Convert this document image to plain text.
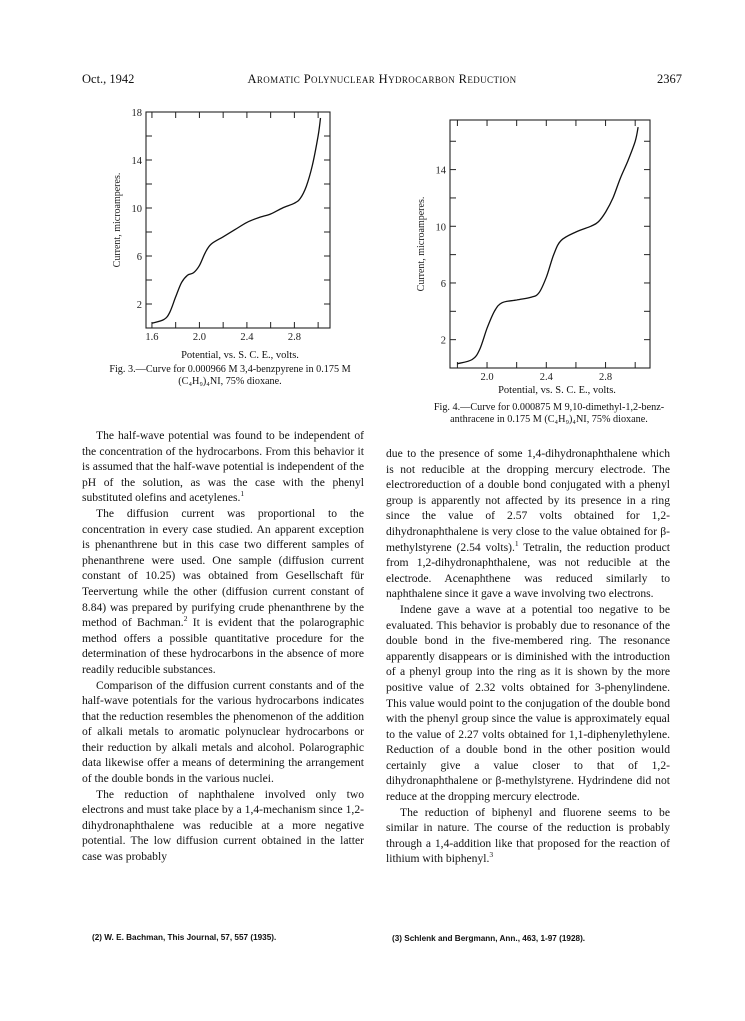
Oct., 1942	Aromatic Polynuclear Hydrocarbon Reduction	2367
1.6	2.0	2.4	2.8
2
6
10
14
18
Current, microamperes.
Potential, vs. S. C. E., volts.
Fig. 3.—Curve for 0.000966 M 3,4-benzpyrene in 0.175 M
(C₄H₉)₄NI, 75% dioxane.	2.0	2.4	2.8
2
6
10
14
Current, microamperes.
Potential, vs. S. C. E., volts.
Fig. 4.—Curve for 0.000875 M 9,10-dimethyl-1,2-benz-
anthracene in 0.175 M (C₄H₉)₄NI, 75% dioxane.

The half-wave potential was found to be independent of the concentration of the hydrocarbons. From this behavior it is assumed that the half-wave potential is independent of the pH of the solution, as was the case with the phenyl substituted olefins and acetylenes.$^1$

The diffusion current was proportional to the concentration in every case studied. An apparent exception is phenanthrene but in this case two different samples of phenanthrene were used. One sample (diffusion current constant of 10.25) was obtained from Gesellschaft für Teervertung while the other (diffusion current constant of 8.84) was prepared by purifying crude phenanthrene by the method of Bachman.$^2$ It is evident that the polarographic method offers a possible quantitative procedure for the determination of these hydrocarbons in the absence of more readily reducible substances.

Comparison of the diffusion current constants and of the half-wave potentials for the various hydrocarbons indicates that the reduction resembles the phenomenon of the addition of alkali metals to aromatic polynuclear hydrocarbons or their reduction by alkali metals and alcohol. Polarographic data likewise offer a means of determining the arrangement of the double bonds in the various nuclei.

The reduction of naphthalene involved only two electrons and must take place by a 1,4-mechanism since 1,2-dihydronaphthalene was reducible at a more negative potential. The low diffusion current obtained in the latter case was probably

(2) W. E. Bachman, This Journal, 57, 557 (1935).

due to the presence of some 1,4-dihydronaphthalene which is not reducible at the dropping mercury electrode. The electroreduction of a double bond conjugated with a phenyl group is apparently not affected by its presence in a ring since the value of 2.57 volts obtained for 1,2-dihydronaphthalene is very close to the value obtained for β-methylstyrene (2.54 volts).$^1$ Tetralin, the reduction product from 1,2-dihydronaphthalene, was not reducible at the electrode. Acenaphthene was reduced similarly to naphthalene since it gave a wave involving two electrons.

Indene gave a wave at a potential too negative to be evaluated. This behavior is probably due to resonance of the double bond in the five-membered ring. The resonance apparently disappears or is diminished with the introduction of a phenyl group into the ring as it is shown by the more positive value of 2.32 volts obtained for 3-phenylindene. This value would point to the conjugation of the double bond with the phenyl group since the value is approximately equal to the value of 2.27 volts obtained for 1,1-diphenylethylene. Reduction of a double bond in the other position would certainly give a value closer to that of 1,2-dihydronaphthalene or β-methylstyrene. Hydrindene did not reduce at the dropping mercury electrode.

The reduction of biphenyl and fluorene seems to be similar in nature. The course of the reduction is probably through a 1,4-addition like that proposed for the reaction of lithium with biphenyl.$^3$

(3) Schlenk and Bergmann, Ann., 463, 1-97 (1928).
